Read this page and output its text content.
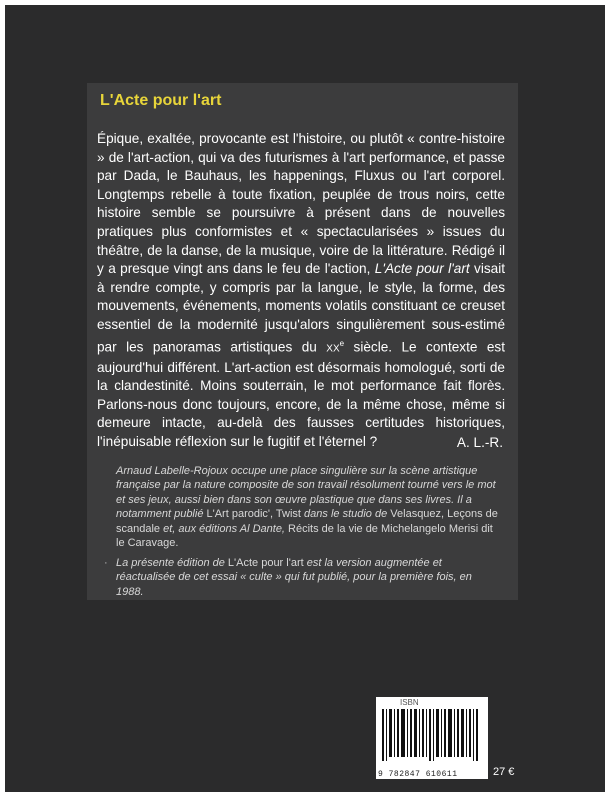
L'Acte pour l'art

Épique, exaltée, provocante est l'histoire, ou plutôt « contre-histoire » de l'art-action, qui va des futurismes à l'art performance, et passe par Dada, le Bauhaus, les happenings, Fluxus ou l'art corporel. Longtemps rebelle à toute fixation, peuplée de trous noirs, cette histoire semble se poursuivre à présent dans de nouvelles pratiques plus conformistes et « spectacularisées » issues du théâtre, de la danse, de la musique, voire de la littérature. Rédigé il y a presque vingt ans dans le feu de l'action, L'Acte pour l'art visait à rendre compte, y compris par la langue, le style, la forme, des mouvements, événements, moments volatils constituant ce creuset essentiel de la modernité jusqu'alors singulièrement sous-estimé par les panoramas artistiques du XXe siècle. Le contexte est aujourd'hui différent. L'art-action est désormais homologué, sorti de la clandestinité. Moins souterrain, le mot performance fait florès. Parlons-nous donc toujours, encore, de la même chose, même si demeure intacte, au-delà des fausses certitudes historiques, l'inépuisable réflexion sur le fugitif et l'éternel ?	A. L.-R.

Arnaud Labelle-Rojoux occupe une place singulière sur la scène artistique française par la nature composite de son travail résolument tourné vers le mot et ses jeux, aussi bien dans son œuvre plastique que dans ses livres. Il a notamment publié L'Art parodic', Twist dans le studio de Velasquez, Leçons de scandale et, aux éditions Al Dante, Récits de la vie de Michelangelo Merisi dit le Caravage.

· La présente édition de L'Acte pour l'art est la version augmentée et réactualisée de cet essai « culte » qui fut publié, pour la première fois, en 1988.

ISBN
9 782847 610611	27 €
